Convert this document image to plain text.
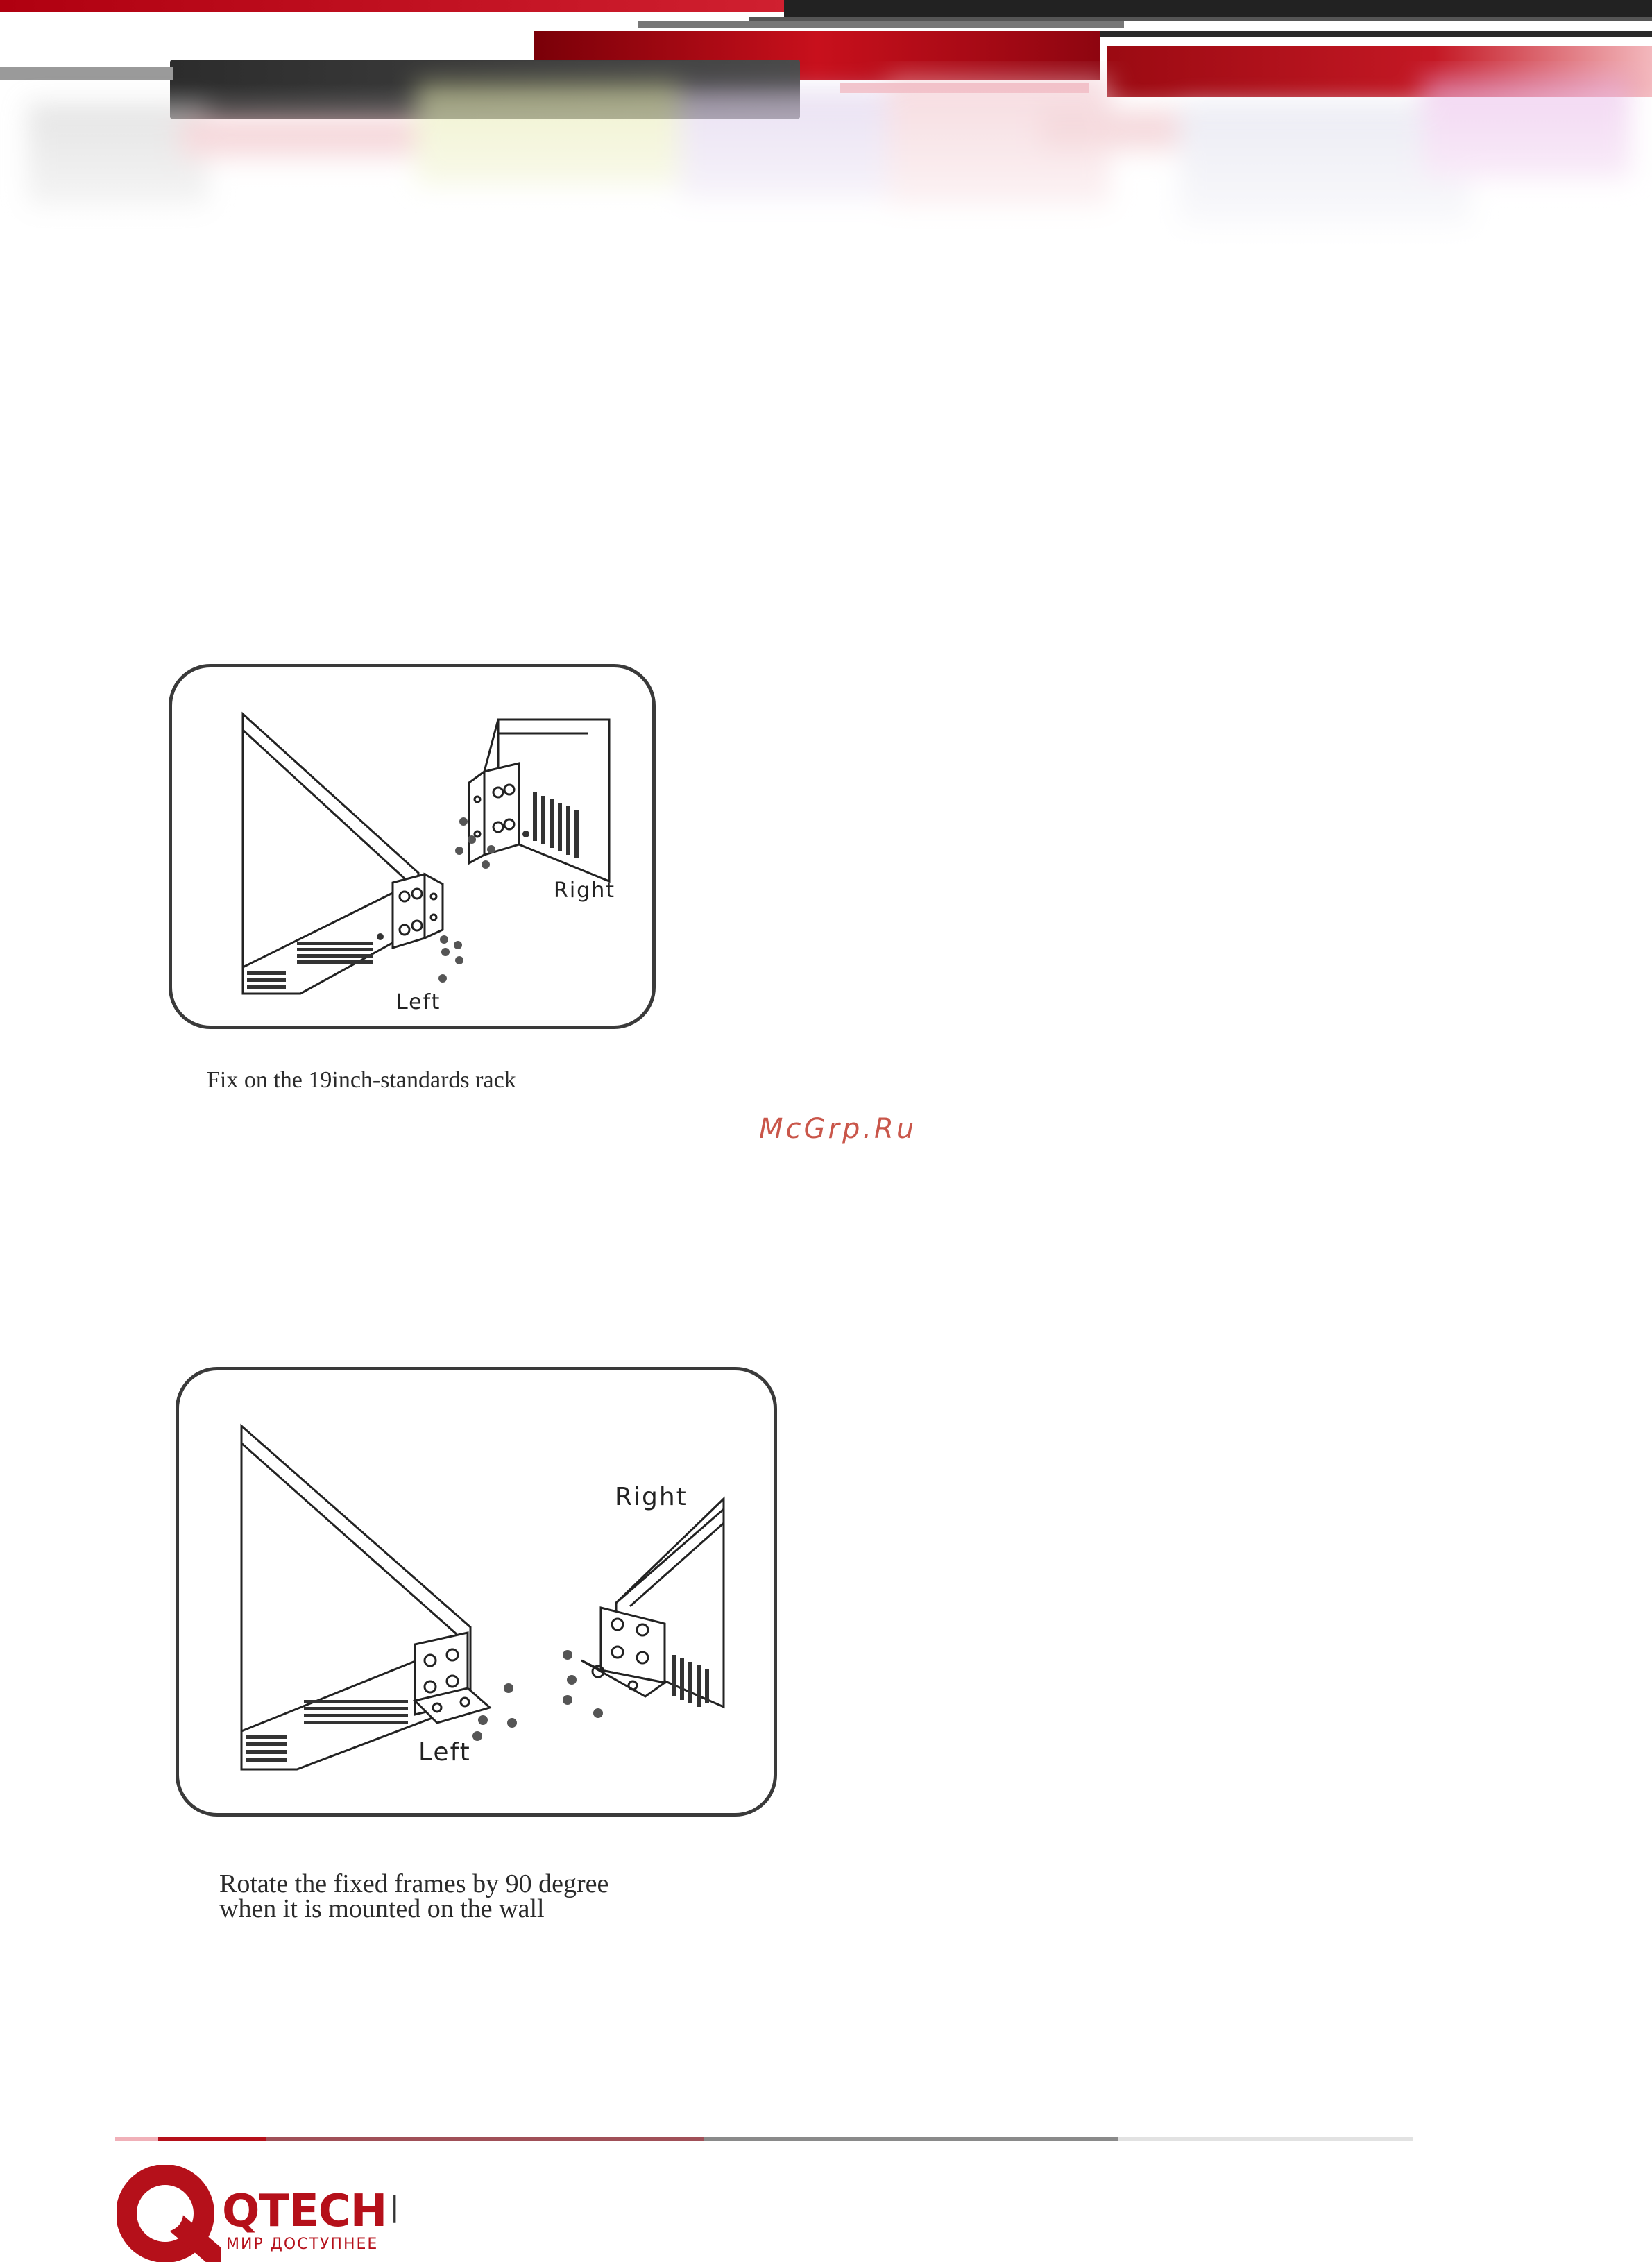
Right
Left
Fix on the 19inch-standards rack
McGrp.Ru
Right
Left
Rotate the fixed frames by 90 degree
when it is mounted on the wall
QTECH
МИР ДОСТУПНЕЕ
|
